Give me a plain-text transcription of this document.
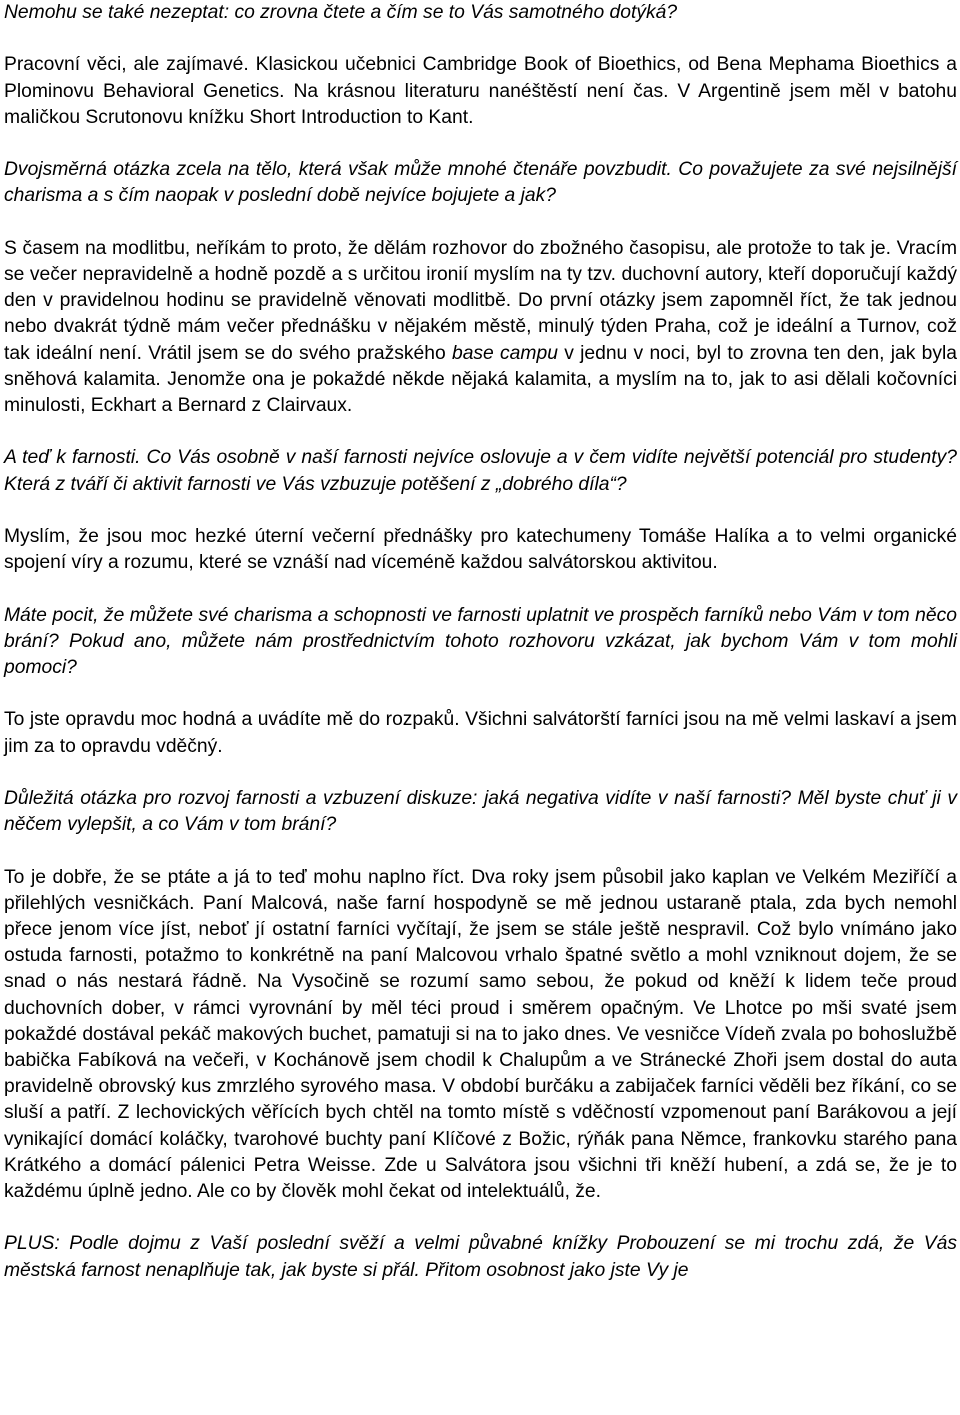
Nemohu se také nezeptat: co zrovna čtete a čím se to Vás samotného dotýká?

Pracovní věci, ale zajímavé. Klasickou učebnici Cambridge Book of Bioethics, od Bena Mephama Bioethics a Plominovu Behavioral Genetics. Na krásnou literaturu nanéštěstí není čas. V Argentině jsem měl v batohu maličkou Scrutonovu knížku Short Introduction to Kant.

Dvojsměrná otázka zcela na tělo, která však může mnohé čtenáře povzbudit. Co považujete za své nejsilnější charisma a s čím naopak v poslední době nejvíce bojujete a jak?

S časem na modlitbu, neříkám to proto, že dělám rozhovor do zbožného časopisu, ale protože to tak je. Vracím se večer nepravidelně a hodně pozdě a s určitou ironií myslím na ty tzv. duchovní autory, kteří doporučují každý den v pravidelnou hodinu se pravidelně věnovati modlitbě. Do první otázky jsem zapomněl říct, že tak jednou nebo dvakrát týdně mám večer přednášku v nějakém městě, minulý týden Praha, což je ideální a Turnov, což tak ideální není. Vrátil jsem se do svého pražského base campu v jednu v noci, byl to zrovna ten den, jak byla sněhová kalamita. Jenomže ona je pokaždé někde nějaká kalamita, a myslím na to, jak to asi dělali kočovníci minulosti, Eckhart a Bernard z Clairvaux.

A teď k farnosti. Co Vás osobně v naší farnosti nejvíce oslovuje a v čem vidíte největší potenciál pro studenty? Která z tváří či aktivit farnosti ve Vás vzbuzuje potěšení z „dobrého díla“?

Myslím, že jsou moc hezké úterní večerní přednášky pro katechumeny Tomáše Halíka a to velmi organické spojení víry a rozumu, které se vznáší nad víceméně každou salvátorskou aktivitou.

Máte pocit, že můžete své charisma a schopnosti ve farnosti uplatnit ve prospěch farníků nebo Vám v tom něco brání? Pokud ano, můžete nám prostřednictvím tohoto rozhovoru vzkázat, jak bychom Vám v tom mohli pomoci?

To jste opravdu moc hodná a uvádíte mě do rozpaků. Všichni salvátorští farníci jsou na mě velmi laskaví a jsem jim za to opravdu vděčný.

Důležitá otázka pro rozvoj farnosti a vzbuzení diskuze: jaká negativa vidíte v naší farnosti? Měl byste chuť ji v něčem vylepšit, a co Vám v tom brání?

To je dobře, že se ptáte a já to teď mohu naplno říct. Dva roky jsem působil jako kaplan ve Velkém Meziříčí a přilehlých vesničkách. Paní Malcová, naše farní hospodyně se mě jednou ustaraně ptala, zda bych nemohl přece jenom více jíst, neboť jí ostatní farníci vyčítají, že jsem se stále ještě nespravil. Což bylo vnímáno jako ostuda farnosti, potažmo to konkrétně na paní Malcovou vrhalo špatné světlo a mohl vzniknout dojem, že se snad o nás nestará řádně. Na Vysočině se rozumí samo sebou, že pokud od kněží k lidem teče proud duchovních dober, v rámci vyrovnání by měl téci proud i směrem opačným. Ve Lhotce po mši svaté jsem pokaždé dostával pekáč makových buchet, pamatuji si na to jako dnes. Ve vesničce Vídeň zvala po bohoslužbě babička Fabíková na večeři, v Kochánově jsem chodil k Chalupům a ve Stránecké Zhoři jsem dostal do auta pravidelně obrovský kus zmrzlého syrového masa. V období burčáku a zabijaček farníci věděli bez říkání, co se sluší a patří. Z lechovických věřících bych chtěl na tomto místě s vděčností vzpomenout paní Barákovou a její vynikající domácí koláčky, tvarohové buchty paní Klíčové z Božic, rýňák pana Němce, frankovku starého pana Krátkého a domácí pálenici Petra Weisse. Zde u Salvátora jsou všichni tři kněží hubení, a zdá se, že je to každému úplně jedno. Ale co by člověk mohl čekat od intelektuálů, že.

PLUS: Podle dojmu z Vaší poslední svěží a velmi půvabné knížky Probouzení se mi trochu zdá, že Vás městská farnost nenaplňuje tak, jak byste si přál. Přitom osobnost jako jste Vy je
